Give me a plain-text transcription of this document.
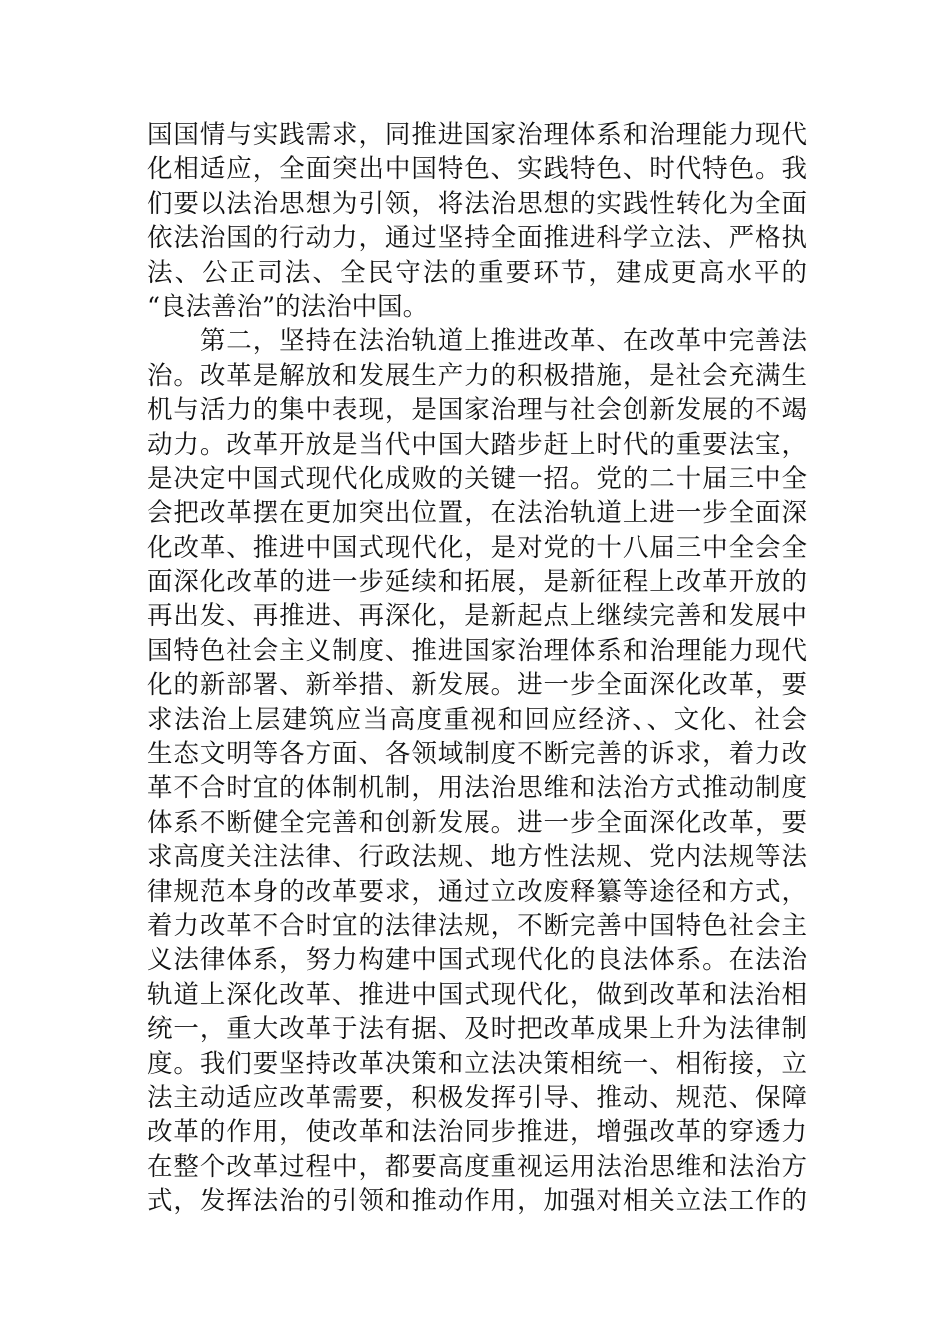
国国情与实践需求，同推进国家治理体系和治理能力现代
化相适应，全面突出中国特色、实践特色、时代特色。我
们要以法治思想为引领，将法治思想的实践性转化为全面
依法治国的行动力，通过坚持全面推进科学立法、严格执
法、公正司法、全民守法的重要环节，建成更高水平的
“良法善治”的法治中国。
　　第二，坚持在法治轨道上推进改革、在改革中完善法
治。改革是解放和发展生产力的积极措施，是社会充满生
机与活力的集中表现，是国家治理与社会创新发展的不竭
动力。改革开放是当代中国大踏步赶上时代的重要法宝，
是决定中国式现代化成败的关键一招。党的二十届三中全
会把改革摆在更加突出位置，在法治轨道上进一步全面深
化改革、推进中国式现代化，是对党的十八届三中全会全
面深化改革的进一步延续和拓展，是新征程上改革开放的
再出发、再推进、再深化，是新起点上继续完善和发展中
国特色社会主义制度、推进国家治理体系和治理能力现代
化的新部署、新举措、新发展。进一步全面深化改革，要
求法治上层建筑应当高度重视和回应经济、、文化、社会
生态文明等各方面、各领域制度不断完善的诉求，着力改
革不合时宜的体制机制，用法治思维和法治方式推动制度
体系不断健全完善和创新发展。进一步全面深化改革，要
求高度关注法律、行政法规、地方性法规、党内法规等法
律规范本身的改革要求，通过立改废释纂等途径和方式，
着力改革不合时宜的法律法规，不断完善中国特色社会主
义法律体系，努力构建中国式现代化的良法体系。在法治
轨道上深化改革、推进中国式现代化，做到改革和法治相
统一，重大改革于法有据、及时把改革成果上升为法律制
度。我们要坚持改革决策和立法决策相统一、相衔接，立
法主动适应改革需要，积极发挥引导、推动、规范、保障
改革的作用，使改革和法治同步推进，增强改革的穿透力
在整个改革过程中，都要高度重视运用法治思维和法治方
式，发挥法治的引领和推动作用，加强对相关立法工作的
